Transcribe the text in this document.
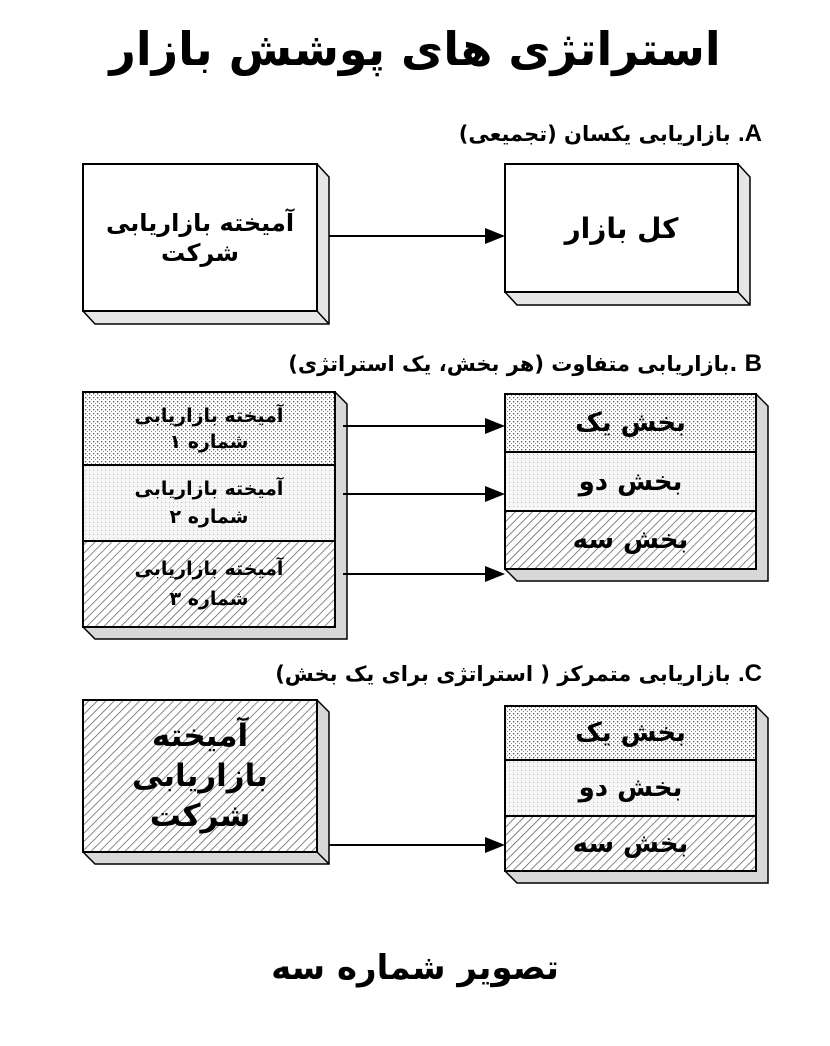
استراتژی های پوشش بازار
A. بازاریابی یکسان (تجمیعی)
B .بازاریابی متفاوت (هر بخش، یک استراتژی)
C. بازاریابی متمرکز ( استراتژی برای یک بخش)
آمیخته بازاریابی
شرکت
کل بازار
آمیخته بازاریابی
شماره ۱
آمیخته بازاریابی
شماره ۲
آمیخته بازاریابی
شماره ۳
بخش یک
بخش دو
بخش سه
آمیخته بازاریابی
شرکت
بخش یک
بخش دو
بخش سه
تصویر شماره سه
